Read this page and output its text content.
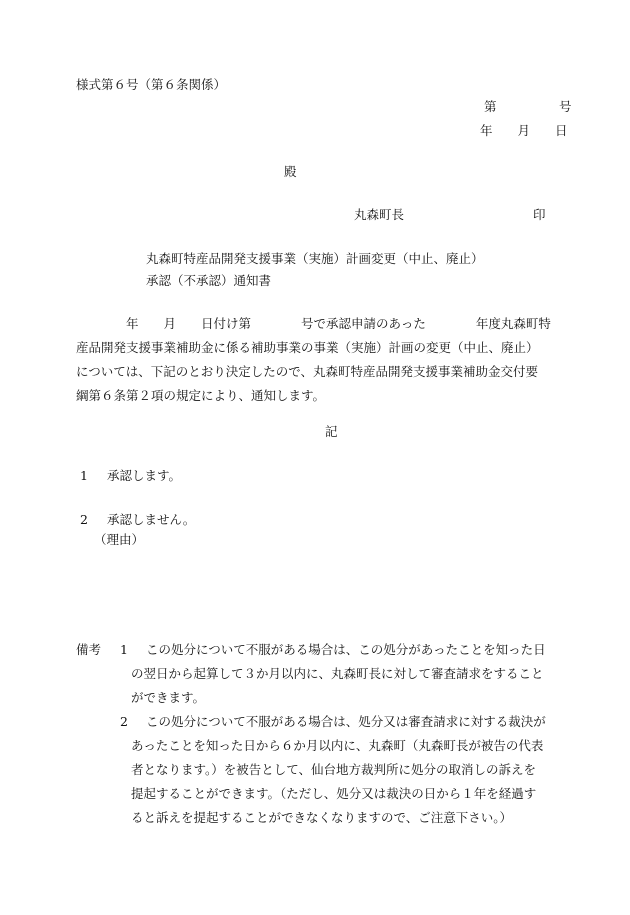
様式第６号（第６条関係）
第　　　　　号
年　　月　　日
殿
丸森町長	印
丸森町特産品開発支援事業（実施）計画変更（中止、廃止）
承認（不承認）通知書
　　　　年　　月　　日付け第　　　　号で承認申請のあった　　　　年度丸森町特
産品開発支援事業補助金に係る補助事業の事業（実施）計画の変更（中止、廃止）
については、下記のとおり決定したので、丸森町特産品開発支援事業補助金交付要
綱第６条第２項の規定により、通知します。
記
1 承認します。
2 承認しません。
（理由）
備考 1 この処分について不服がある場合は、この処分があったことを知った日
の翌日から起算して３か月以内に、丸森町長に対して審査請求をすること
ができます。
2 この処分について不服がある場合は、処分又は審査請求に対する裁決が
あったことを知った日から６か月以内に、丸森町（丸森町長が被告の代表
者となります。）を被告として、仙台地方裁判所に処分の取消しの訴えを
提起することができます。（ただし、処分又は裁決の日から１年を経過す
ると訴えを提起することができなくなりますので、ご注意下さい。）
